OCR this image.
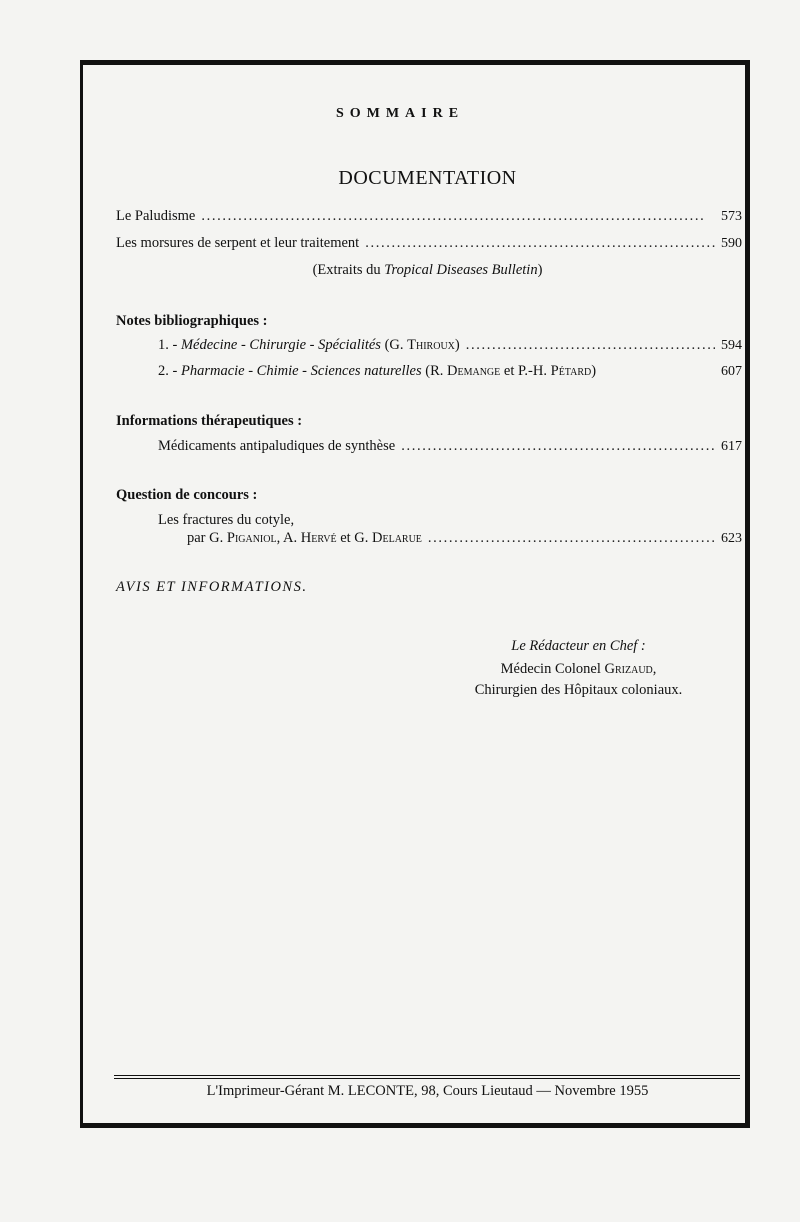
SOMMAIRE
DOCUMENTATION
Le Paludisme . . .	573
Les morsures de serpent et leur traitement . . .	590
(Extraits du Tropical Diseases Bulletin)
Notes bibliographiques :
1. - Médecine - Chirurgie - Spécialités (G. Thiroux) . . .	594
2. - Pharmacie - Chimie - Sciences naturelles (R. Demange et P.-H. Pétard)	607
Informations thérapeutiques :
Médicaments antipaludiques de synthèse . . .	617
Question de concours :
Les fractures du cotyle,
par G. Piganiol, A. Hervé et G. Delarue . . .	623
AVIS ET INFORMATIONS.
Le Rédacteur en Chef :
Médecin Colonel Grizaud,
Chirurgien des Hôpitaux coloniaux.
L'Imprimeur-Gérant M. LECONTE, 98, Cours Lieutaud — Novembre 1955
